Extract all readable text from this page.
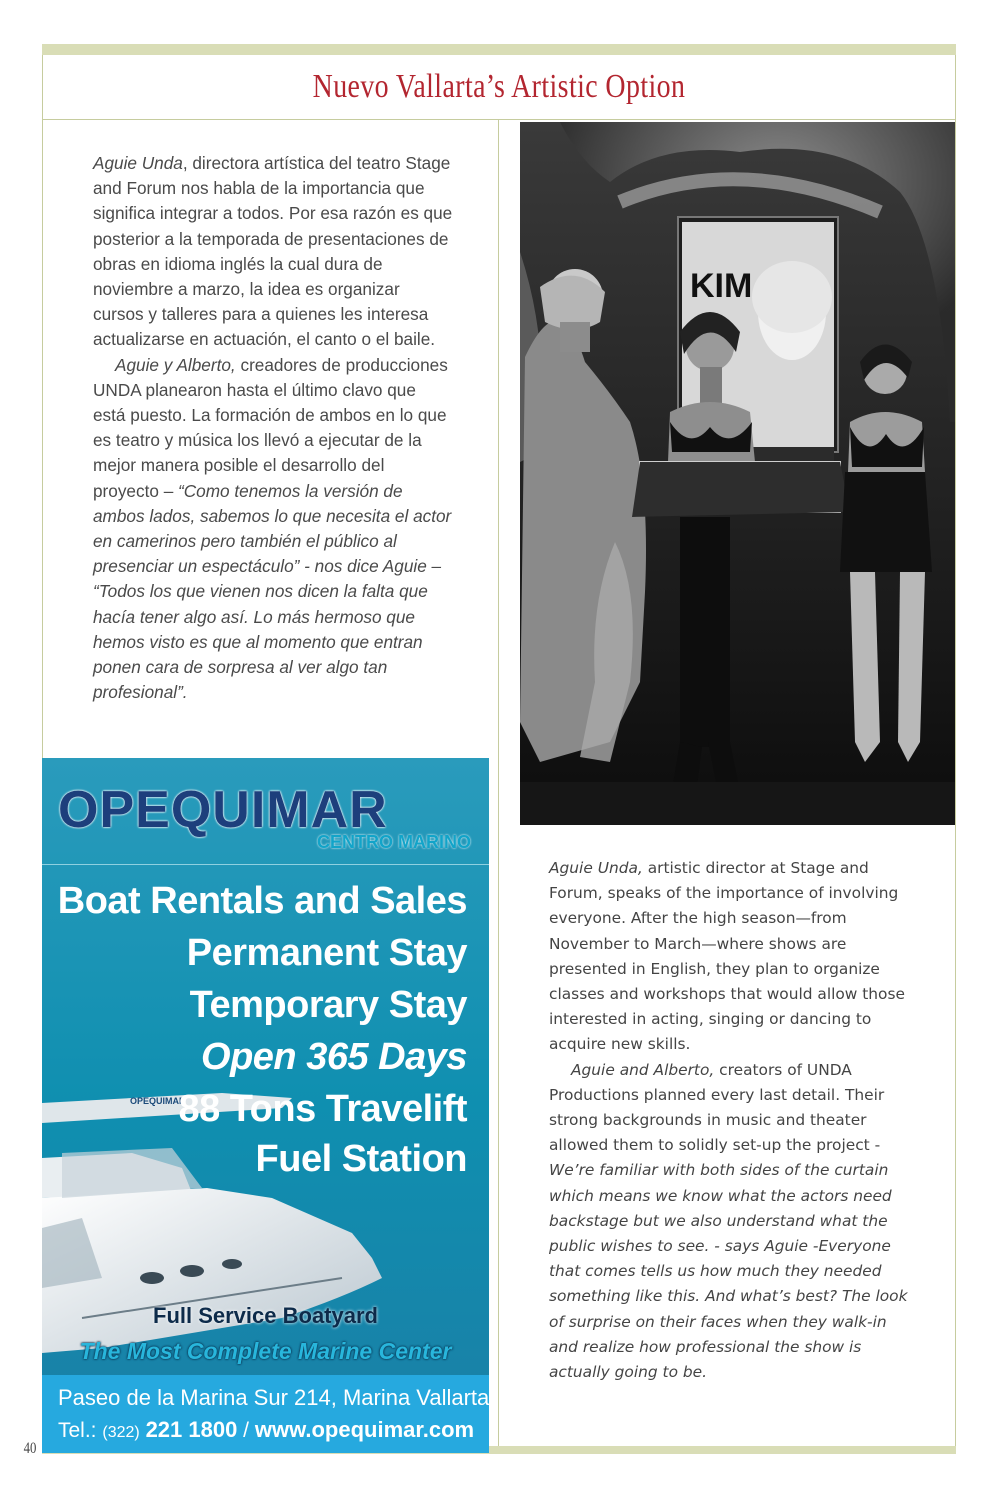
Nuevo Vallarta’s Artistic Option

Aguie Unda, directora artística del teatro Stage and Forum nos habla de la importancia que significa integrar a todos. Por esa razón es que posterior a la temporada de presentaciones de obras en idioma inglés la cual dura de noviembre a marzo, la idea es organizar cursos y talleres para a quienes les interesa actualizarse en actuación, el canto o el baile.

Aguie y Alberto, creadores de producciones UNDA planearon hasta el último clavo que está puesto. La formación de ambos en lo que es teatro y música los llevó a ejecutar de la mejor manera posible el desarrollo del proyecto – “Como tenemos la versión de ambos lados, sabemos lo que necesita el actor en camerinos pero también el público al presenciar un espectáculo” - nos dice Aguie – “Todos los que vienen nos dicen la falta que hacía tener algo así. Lo más hermoso que hemos visto es que al momento que entran ponen cara de sorpresa al ver algo tan profesional”.

KIM
OPEQUIMAR
OPEQUIMAR
CENTRO MARINO
Boat Rentals and Sales
Permanent Stay
Temporary Stay
Open 365 Days
88 Tons Travelift
Fuel Station
Full Service Boatyard
The Most Complete Marine Center
Paseo de la Marina Sur 214, Marina Vallarta
Tel.: (322) 221 1800 / www.opequimar.com

Aguie Unda, artistic director at Stage and Forum, speaks of the importance of involving everyone. After the high season—from November to March—where shows are presented in English, they plan to organize classes and workshops that would allow those interested in acting, singing or dancing to acquire new skills.

Aguie and Alberto, creators of UNDA Productions planned every last detail. Their strong backgrounds in music and theater allowed them to solidly set-up the project - We’re familiar with both sides of the curtain which means we know what the actors need backstage but we also understand what the public wishes to see. - says Aguie -Everyone that comes tells us how much they needed something like this. And what’s best? The look of surprise on their faces when they walk-in and realize how professional the show is actually going to be.

40
